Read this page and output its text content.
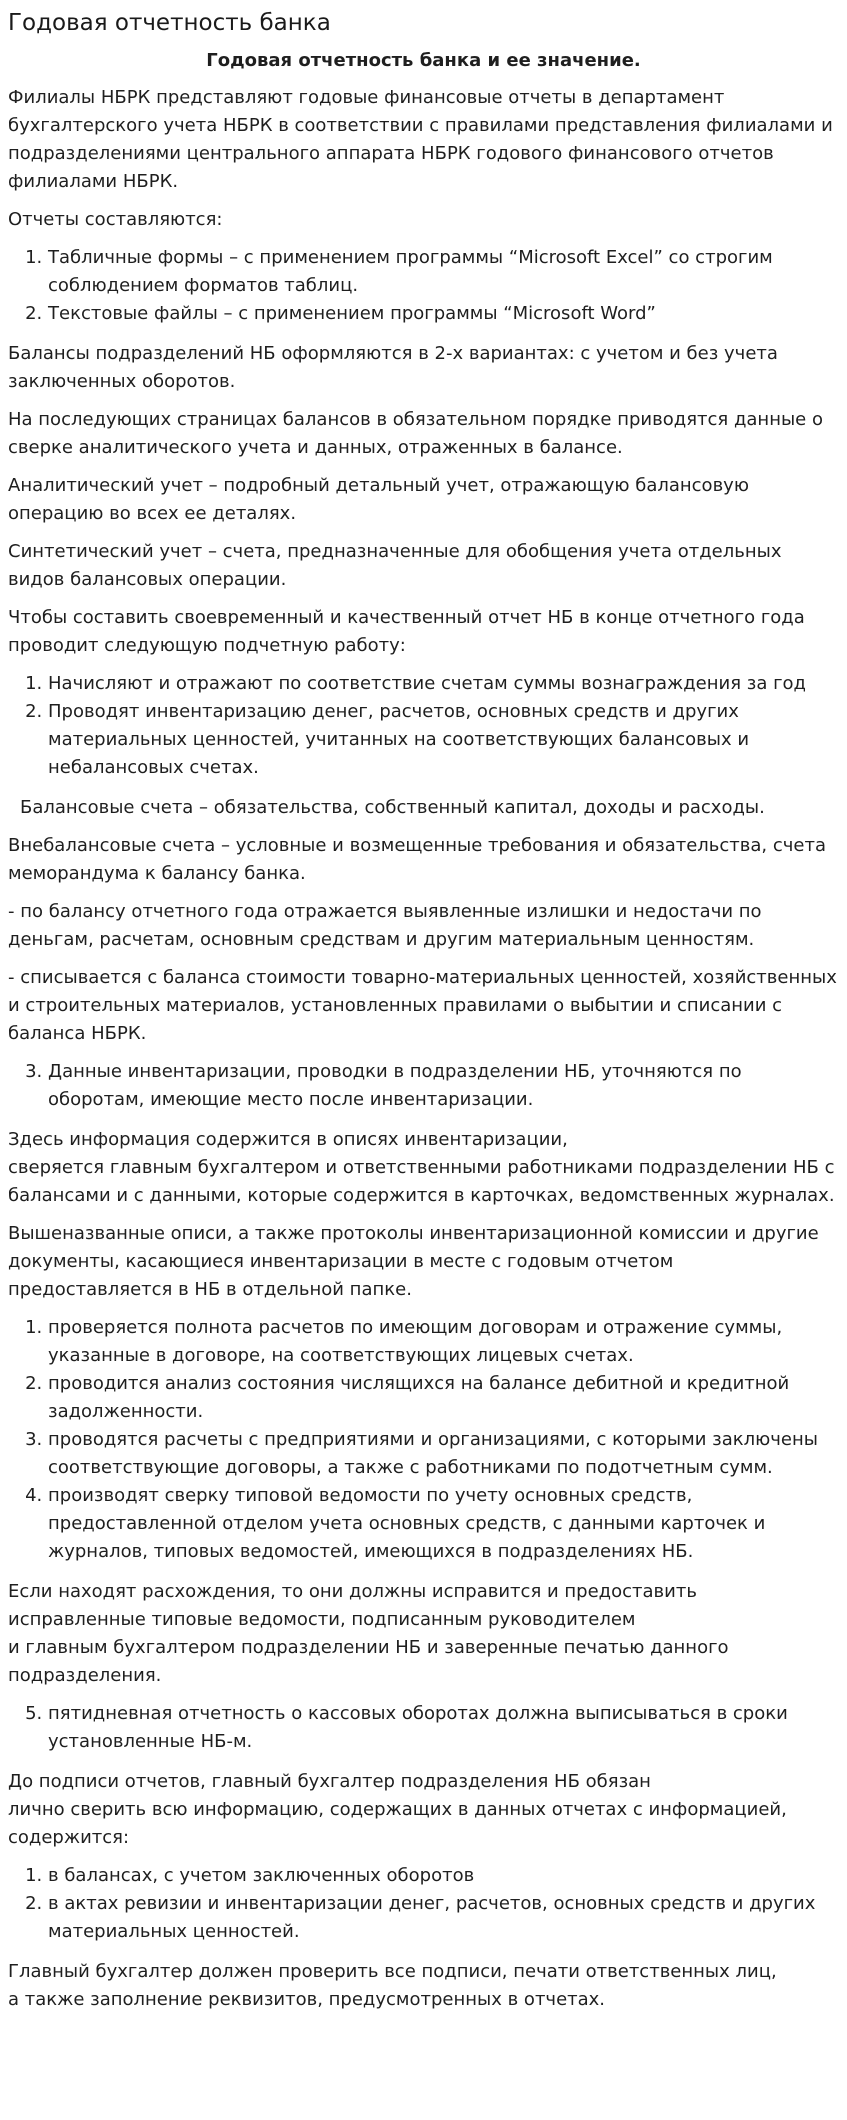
Годовая отчетность банка
Годовая отчетность банка и ее значение.

Филиалы НБРК представляют годовые финансовые отчеты в департамент бухгалтерского учета НБРК в соответствии с правилами представления филиалами и подразделениями центрального аппарата НБРК годового финансового отчетов филиалами НБРК.

Отчеты составляются:

1. Табличные формы – с применением программы “Microsoft Excel” со строгим соблюдением форматов таблиц.
2. Текстовые файлы – с применением программы “Microsoft Word”

Балансы подразделений НБ оформляются в 2-х вариантах: с учетом и без учета заключенных оборотов.

На последующих страницах балансов в обязательном порядке приводятся данные о сверке аналитического учета и данных, отраженных в балансе.

Аналитический учет – подробный детальный учет, отражающую балансовую операцию во всех ее деталях.

Синтетический учет – счета, предназначенные для обобщения учета отдельных видов балансовых операции.

Чтобы составить своевременный и качественный отчет НБ в конце отчетного года проводит следующую подчетную работу:

1. Начисляют и отражают по соответствие счетам суммы вознаграждения за год
2. Проводят инвентаризацию денег, расчетов, основных средств и других материальных ценностей, учитанных на соответствующих балансовых и небалансовых счетах.

Балансовые счета – обязательства, собственный капитал, доходы и расходы.

Внебалансовые счета – условные и возмещенные требования и обязательства, счета меморандума к балансу банка.

- по балансу отчетного года отражается выявленные излишки и недостачи по деньгам, расчетам, основным средствам и другим материальным ценностям.

- списывается с баланса стоимости товарно-материальных ценностей, хозяйственных и строительных материалов, установленных правилами о выбытии и списании с баланса НБРК.

3. Данные инвентаризации, проводки в подразделении НБ, уточняются по оборотам, имеющие место после инвентаризации.

Здесь информация содержится в описях инвентаризации,
сверяется главным бухгалтером и ответственными работниками подразделении НБ с балансами и с данными, которые содержится в карточках, ведомственных журналах.

Вышеназванные описи, а также протоколы инвентаризационной комиссии и другие документы, касающиеся инвентаризации в месте с годовым отчетом предоставляется в НБ в отдельной папке.

1. проверяется полнота расчетов по имеющим договорам и отражение суммы, указанные в договоре, на соответствующих лицевых счетах.
2. проводится анализ состояния числящихся на балансе дебитной и кредитной задолженности.
3. проводятся расчеты с предприятиями и организациями, с которыми заключены соответствующие договоры, а также с работниками по подотчетным сумм.
4. производят сверку типовой ведомости по учету основных средств, предоставленной отделом учета основных средств, с данными карточек и журналов, типовых ведомостей, имеющихся в подразделениях НБ.

Если находят расхождения, то они должны исправится и предоставить
исправленные типовые ведомости, подписанным руководителем
и главным бухгалтером подразделении НБ и заверенные печатью данного подразделения.

5. пятидневная отчетность о кассовых оборотах должна выписываться в сроки установленные НБ-м.

До подписи отчетов, главный бухгалтер подразделения НБ обязан
лично сверить всю информацию, содержащих в данных отчетах с информацией, содержится:

1. в балансах, с учетом заключенных оборотов
2. в актах ревизии и инвентаризации денег, расчетов, основных средств и других материальных ценностей.

Главный бухгалтер должен проверить все подписи, печати ответственных лиц,
а также заполнение реквизитов, предусмотренных в отчетах.
